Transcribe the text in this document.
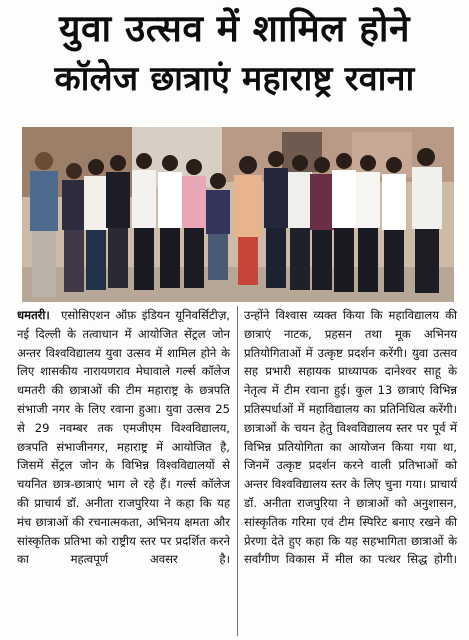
युवा उत्सव में शामिल होने
कॉलेज छात्राएं महाराष्ट्र रवाना

धमतरी। एसोसिएशन ऑफ़ इंडियन यूनिवर्सिटीज़, नई दिल्ली के तत्वाधान में आयोजित सेंट्रल जोन अन्तर विश्वविद्यालय युवा उत्सव में शामिल होने के लिए शासकीय नारायणराव मेघावाले गर्ल्स कॉलेज धमतरी की छात्राओं की टीम महाराष्ट्र के छत्रपति संभाजी नगर के लिए रवाना हुआ। युवा उत्सव 25 से 29 नवम्बर तक एमजीएम विश्वविद्यालय, छत्रपति संभाजीनगर, महाराष्ट्र में आयोजित है, जिसमें सेंट्रल जोन के विभिन्न विश्वविद्यालयों से चयनित छात्र-छात्राएं भाग ले रहे हैं। गर्ल्स कॉलेज की प्राचार्य डॉ. अनीता राजपुरिया ने कहा कि यह मंच छात्राओं की रचनात्मकता, अभिनय क्षमता और सांस्कृतिक प्रतिभा को राष्ट्रीय स्तर पर प्रदर्शित करने का महत्वपूर्ण अवसर है।

उन्होंने विश्वास व्यक्त किया कि महाविद्यालय की छात्राएं नाटक, प्रहसन तथा मूक अभिनय प्रतियोगिताओं में उत्कृष्ट प्रदर्शन करेंगी। युवा उत्सव सह प्रभारी सहायक प्राध्यापक दानेश्वर साहू के नेतृत्व में टीम रवाना हुई। कुल 13 छात्राएं विभिन्न प्रतिस्पर्धाओं में महाविद्यालय का प्रतिनिधित्व करेंगी। छात्राओं के चयन हेतु विश्वविद्यालय स्तर पर पूर्व में विभिन्न प्रतियोगिता का आयोजन किया गया था, जिनमें उत्कृष्ट प्रदर्शन करने वाली प्रतिभाओं को अन्तर विश्वविद्यालय स्तर के लिए चुना गया। प्राचार्य डॉ. अनीता राजपुरिया ने छात्राओं को अनुशासन, सांस्कृतिक गरिमा एवं टीम स्पिरिट बनाए रखने की प्रेरणा देते हुए कहा कि यह सहभागिता छात्राओं के सर्वांगीण विकास में मील का पत्थर सिद्ध होगी।
